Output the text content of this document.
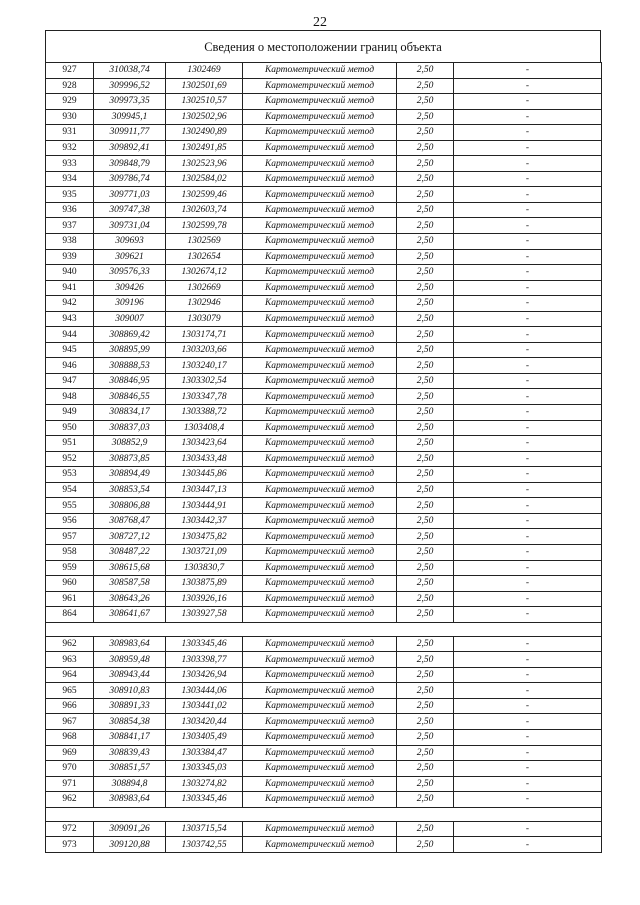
22
Сведения о местоположении границ объекта
927	310038,74	1302469	Картометрический метод	2,50	-
928	309996,52	1302501,69	Картометрический метод	2,50	-
929	309973,35	1302510,57	Картометрический метод	2,50	-
930	309945,1	1302502,96	Картометрический метод	2,50	-
931	309911,77	1302490,89	Картометрический метод	2,50	-
932	309892,41	1302491,85	Картометрический метод	2,50	-
933	309848,79	1302523,96	Картометрический метод	2,50	-
934	309786,74	1302584,02	Картометрический метод	2,50	-
935	309771,03	1302599,46	Картометрический метод	2,50	-
936	309747,38	1302603,74	Картометрический метод	2,50	-
937	309731,04	1302599,78	Картометрический метод	2,50	-
938	309693	1302569	Картометрический метод	2,50	-
939	309621	1302654	Картометрический метод	2,50	-
940	309576,33	1302674,12	Картометрический метод	2,50	-
941	309426	1302669	Картометрический метод	2,50	-
942	309196	1302946	Картометрический метод	2,50	-
943	309007	1303079	Картометрический метод	2,50	-
944	308869,42	1303174,71	Картометрический метод	2,50	-
945	308895,99	1303203,66	Картометрический метод	2,50	-
946	308888,53	1303240,17	Картометрический метод	2,50	-
947	308846,95	1303302,54	Картометрический метод	2,50	-
948	308846,55	1303347,78	Картометрический метод	2,50	-
949	308834,17	1303388,72	Картометрический метод	2,50	-
950	308837,03	1303408,4	Картометрический метод	2,50	-
951	308852,9	1303423,64	Картометрический метод	2,50	-
952	308873,85	1303433,48	Картометрический метод	2,50	-
953	308894,49	1303445,86	Картометрический метод	2,50	-
954	308853,54	1303447,13	Картометрический метод	2,50	-
955	308806,88	1303444,91	Картометрический метод	2,50	-
956	308768,47	1303442,37	Картометрический метод	2,50	-
957	308727,12	1303475,82	Картометрический метод	2,50	-
958	308487,22	1303721,09	Картометрический метод	2,50	-
959	308615,68	1303830,7	Картометрический метод	2,50	-
960	308587,58	1303875,89	Картометрический метод	2,50	-
961	308643,26	1303926,16	Картометрический метод	2,50	-
864	308641,67	1303927,58	Картометрический метод	2,50	-

962	308983,64	1303345,46	Картометрический метод	2,50	-
963	308959,48	1303398,77	Картометрический метод	2,50	-
964	308943,44	1303426,94	Картометрический метод	2,50	-
965	308910,83	1303444,06	Картометрический метод	2,50	-
966	308891,33	1303441,02	Картометрический метод	2,50	-
967	308854,38	1303420,44	Картометрический метод	2,50	-
968	308841,17	1303405,49	Картометрический метод	2,50	-
969	308839,43	1303384,47	Картометрический метод	2,50	-
970	308851,57	1303345,03	Картометрический метод	2,50	-
971	308894,8	1303274,82	Картометрический метод	2,50	-
962	308983,64	1303345,46	Картометрический метод	2,50	-

972	309091,26	1303715,54	Картометрический метод	2,50	-
973	309120,88	1303742,55	Картометрический метод	2,50	-
